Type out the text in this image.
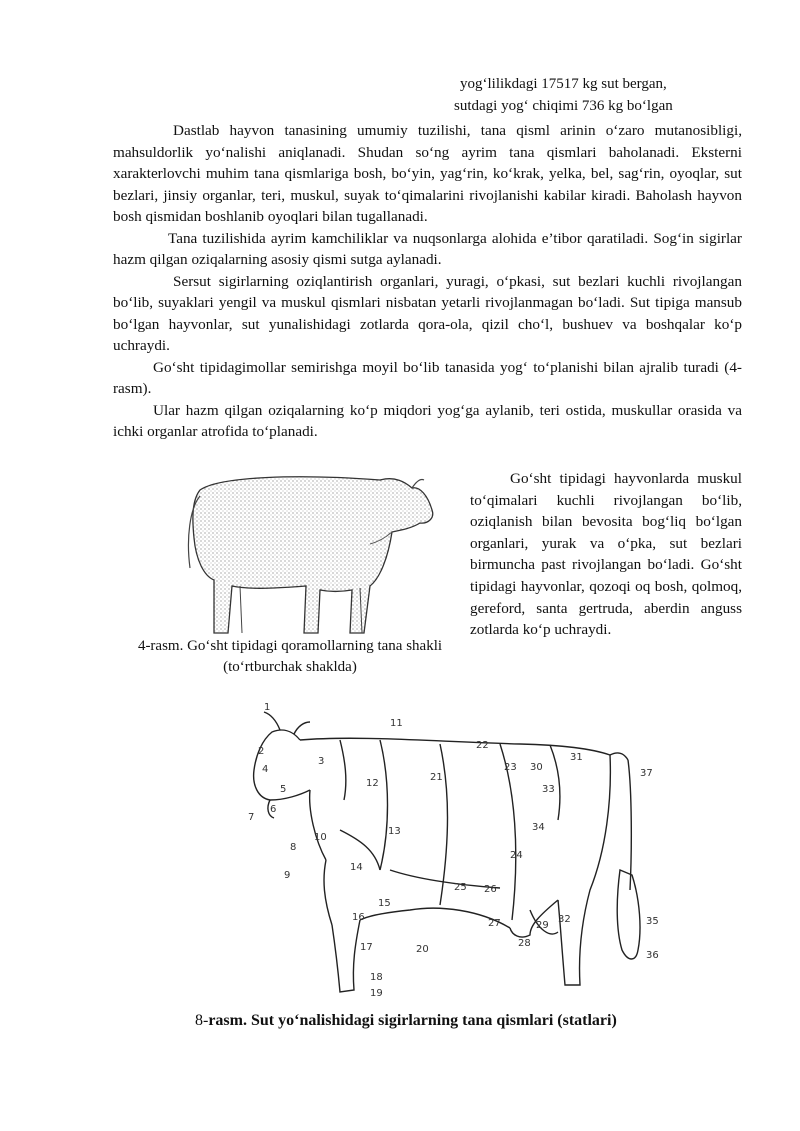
yog‘lilikdagi 17517 kg sut bergan,
sutdagi yog‘ chiqimi 736 kg bo‘lgan

Dastlab hayvon tanasining umumiy tuzilishi, tana qisml arinin o‘zaro mutanosibligi, mahsuldorlik yo‘nalishi aniqlanadi. Shudan so‘ng ayrim tana qismlari baholanadi. Eksterni xarakterlovchi muhim tana qismlariga bosh, bo‘yin, yag‘rin, ko‘krak, yelka, bel, sag‘rin, oyoqlar, sut bezlari, jinsiy organlar, teri, muskul, suyak to‘qimalarini rivojlanishi kabilar kiradi. Baholash hayvon bosh qismidan boshlanib oyoqlari bilan tugallanadi.

Tana tuzilishida ayrim kamchiliklar va nuqsonlarga alohida e’tibor qaratiladi. Sog‘in sigirlar hazm qilgan oziqalarning asosiy qismi sutga aylanadi.

Sersut sigirlarning oziqlantirish organlari, yuragi, o‘pkasi, sut bezlari kuchli rivojlangan bo‘lib, suyaklari yengil va muskul qismlari nisbatan yetarli rivojlanmagan bo‘ladi. Sut tipiga mansub bo‘lgan hayvonlar, sut yunalishidagi zotlarda qora-ola, qizil cho‘l, bushuev va boshqalar ko‘p uchraydi.

Go‘sht tipidagimollar semirishga moyil bo‘lib tanasida yog‘ to‘planishi bilan ajralib turadi (4-rasm).

Ular hazm qilgan oziqalarning ko‘p miqdori yog‘ga aylanib, teri ostida, muskullar orasida va ichki organlar atrofida to‘planadi.

4-rasm. Go‘sht tipidagi qoramollarning tana shakli (to‘rtburchak shaklda)

Go‘sht tipidagi hayvonlarda muskul to‘qimalari kuchli rivojlangan bo‘lib, oziqlanish bilan bevosita bog‘liq bo‘lgan organlari, yurak va o‘pka, sut bezlari birmuncha past rivojlangan bo‘ladi. Go‘sht tipidagi hayvonlar, qozoqi oq bosh, qolmoq, gereford, santa gertruda, aberdin anguss zotlarda ko‘p uchraydi.

1
2
3
4
5
6
7
8
9
10
11
12
13
14
15
16
17
18
19
20
21
22
23
24
25 26
27
28
29
30
31
32
33
34
35
36
37
8-rasm. Sut yo‘nalishidagi sigirlarning tana qismlari (statlari)
